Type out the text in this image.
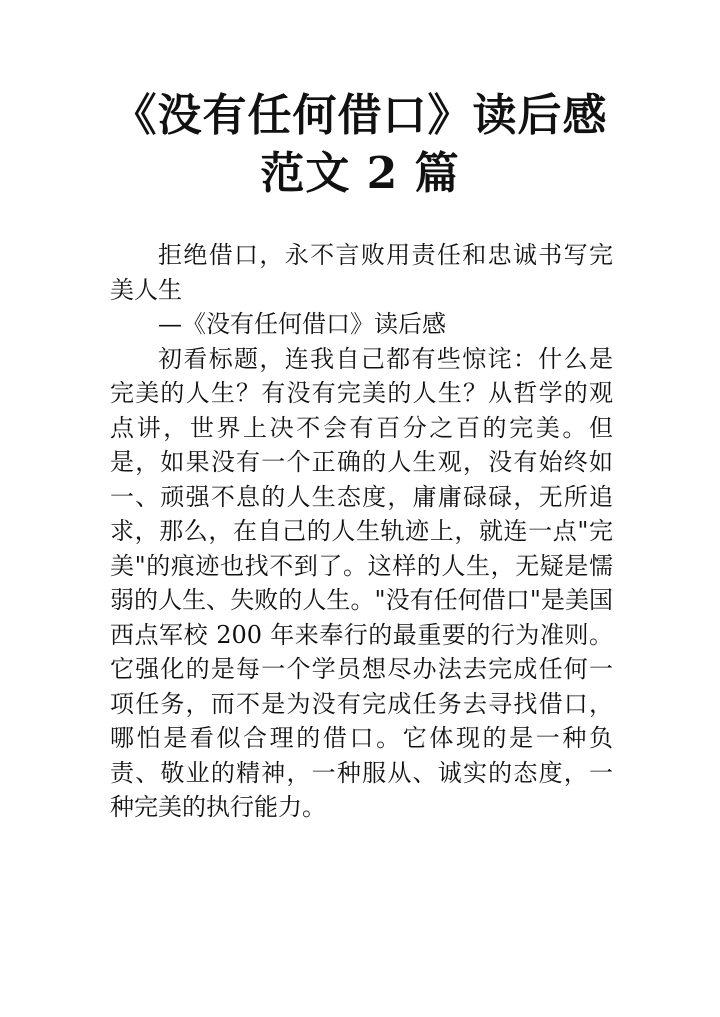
《没有任何借口》读后感
范文 2 篇

拒绝借口，永不言败用责任和忠诚书写完美人生

—《没有任何借口》读后感

初看标题，连我自己都有些惊诧：什么是完美的人生？有没有完美的人生？从哲学的观点讲，世界上决不会有百分之百的完美。但是，如果没有一个正确的人生观，没有始终如一、顽强不息的人生态度，庸庸碌碌，无所追求，那么，在自己的人生轨迹上，就连一点"完美"的痕迹也找不到了。这样的人生，无疑是懦弱的人生、失败的人生。"没有任何借口"是美国西点军校 200 年来奉行的最重要的行为准则。它强化的是每一个学员想尽办法去完成任何一项任务，而不是为没有完成任务去寻找借口，哪怕是看似合理的借口。它体现的是一种负责、敬业的精神，一种服从、诚实的态度，一种完美的执行能力。
